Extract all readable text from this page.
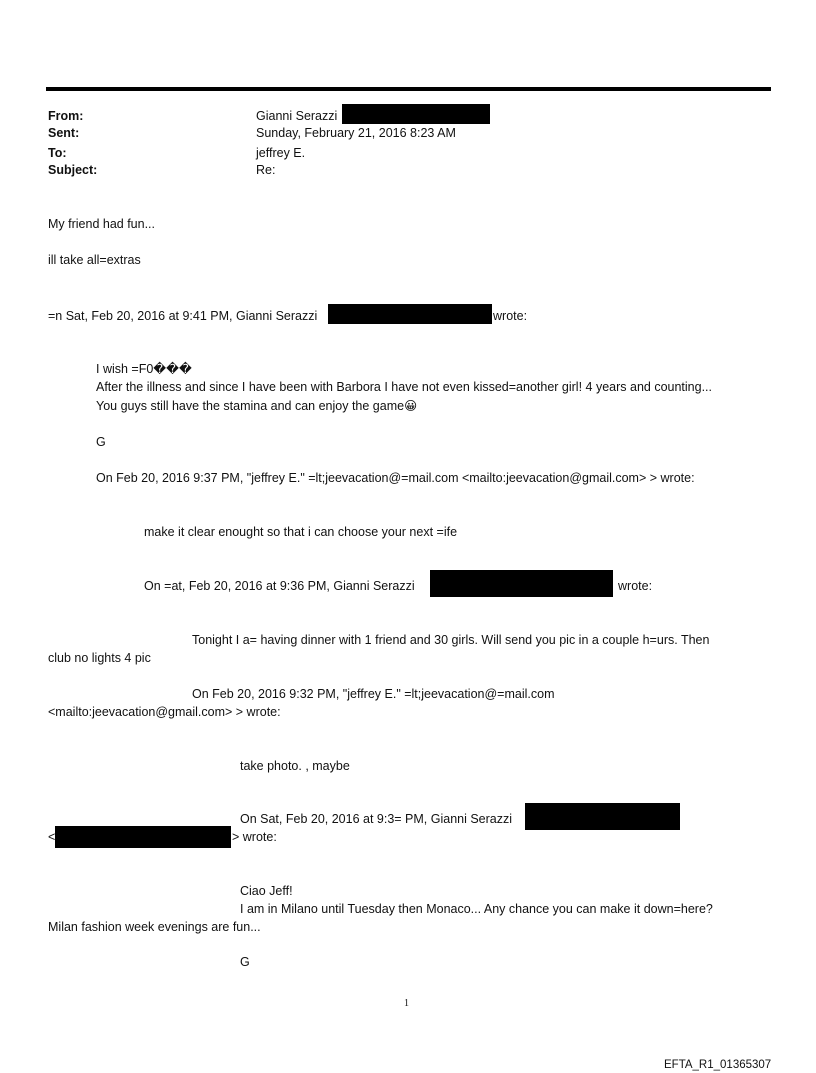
From:	Gianni Serazzi
Sent:	Sunday, February 21, 2016 8:23 AM
To:	jeffrey E.
Subject:	Re:
My friend had fun...
ill take all=extras
=n Sat, Feb 20, 2016 at 9:41 PM, Gianni Serazzi	wrote:
I wish =F0���
After the illness and since I have been with Barbora I have not even kissed=another girl! 4 years and counting...
You guys still have the stamina and can enjoy the game😀
G
On Feb 20, 2016 9:37 PM, "jeffrey E." =lt;jeevacation@=mail.com <mailto:jeevacation@gmail.com> > wrote:
make it clear enought so that i can choose your next =ife
On =at, Feb 20, 2016 at 9:36 PM, Gianni Serazzi	wrote:
Tonight I a= having dinner with 1 friend and 30 girls. Will send you pic in a couple h=urs. Then
club no lights 4 pic
On Feb 20, 2016 9:32 PM, "jeffrey E." =lt;jeevacation@=mail.com
<mailto:jeevacation@gmail.com> > wrote:
take photo. , maybe
On Sat, Feb 20, 2016 at 9:3= PM, Gianni Serazzi
<	> wrote:
Ciao Jeff!
I am in Milano until Tuesday then Monaco... Any chance you can make it down=here?
Milan fashion week evenings are fun...
G
1
EFTA_R1_01365307
